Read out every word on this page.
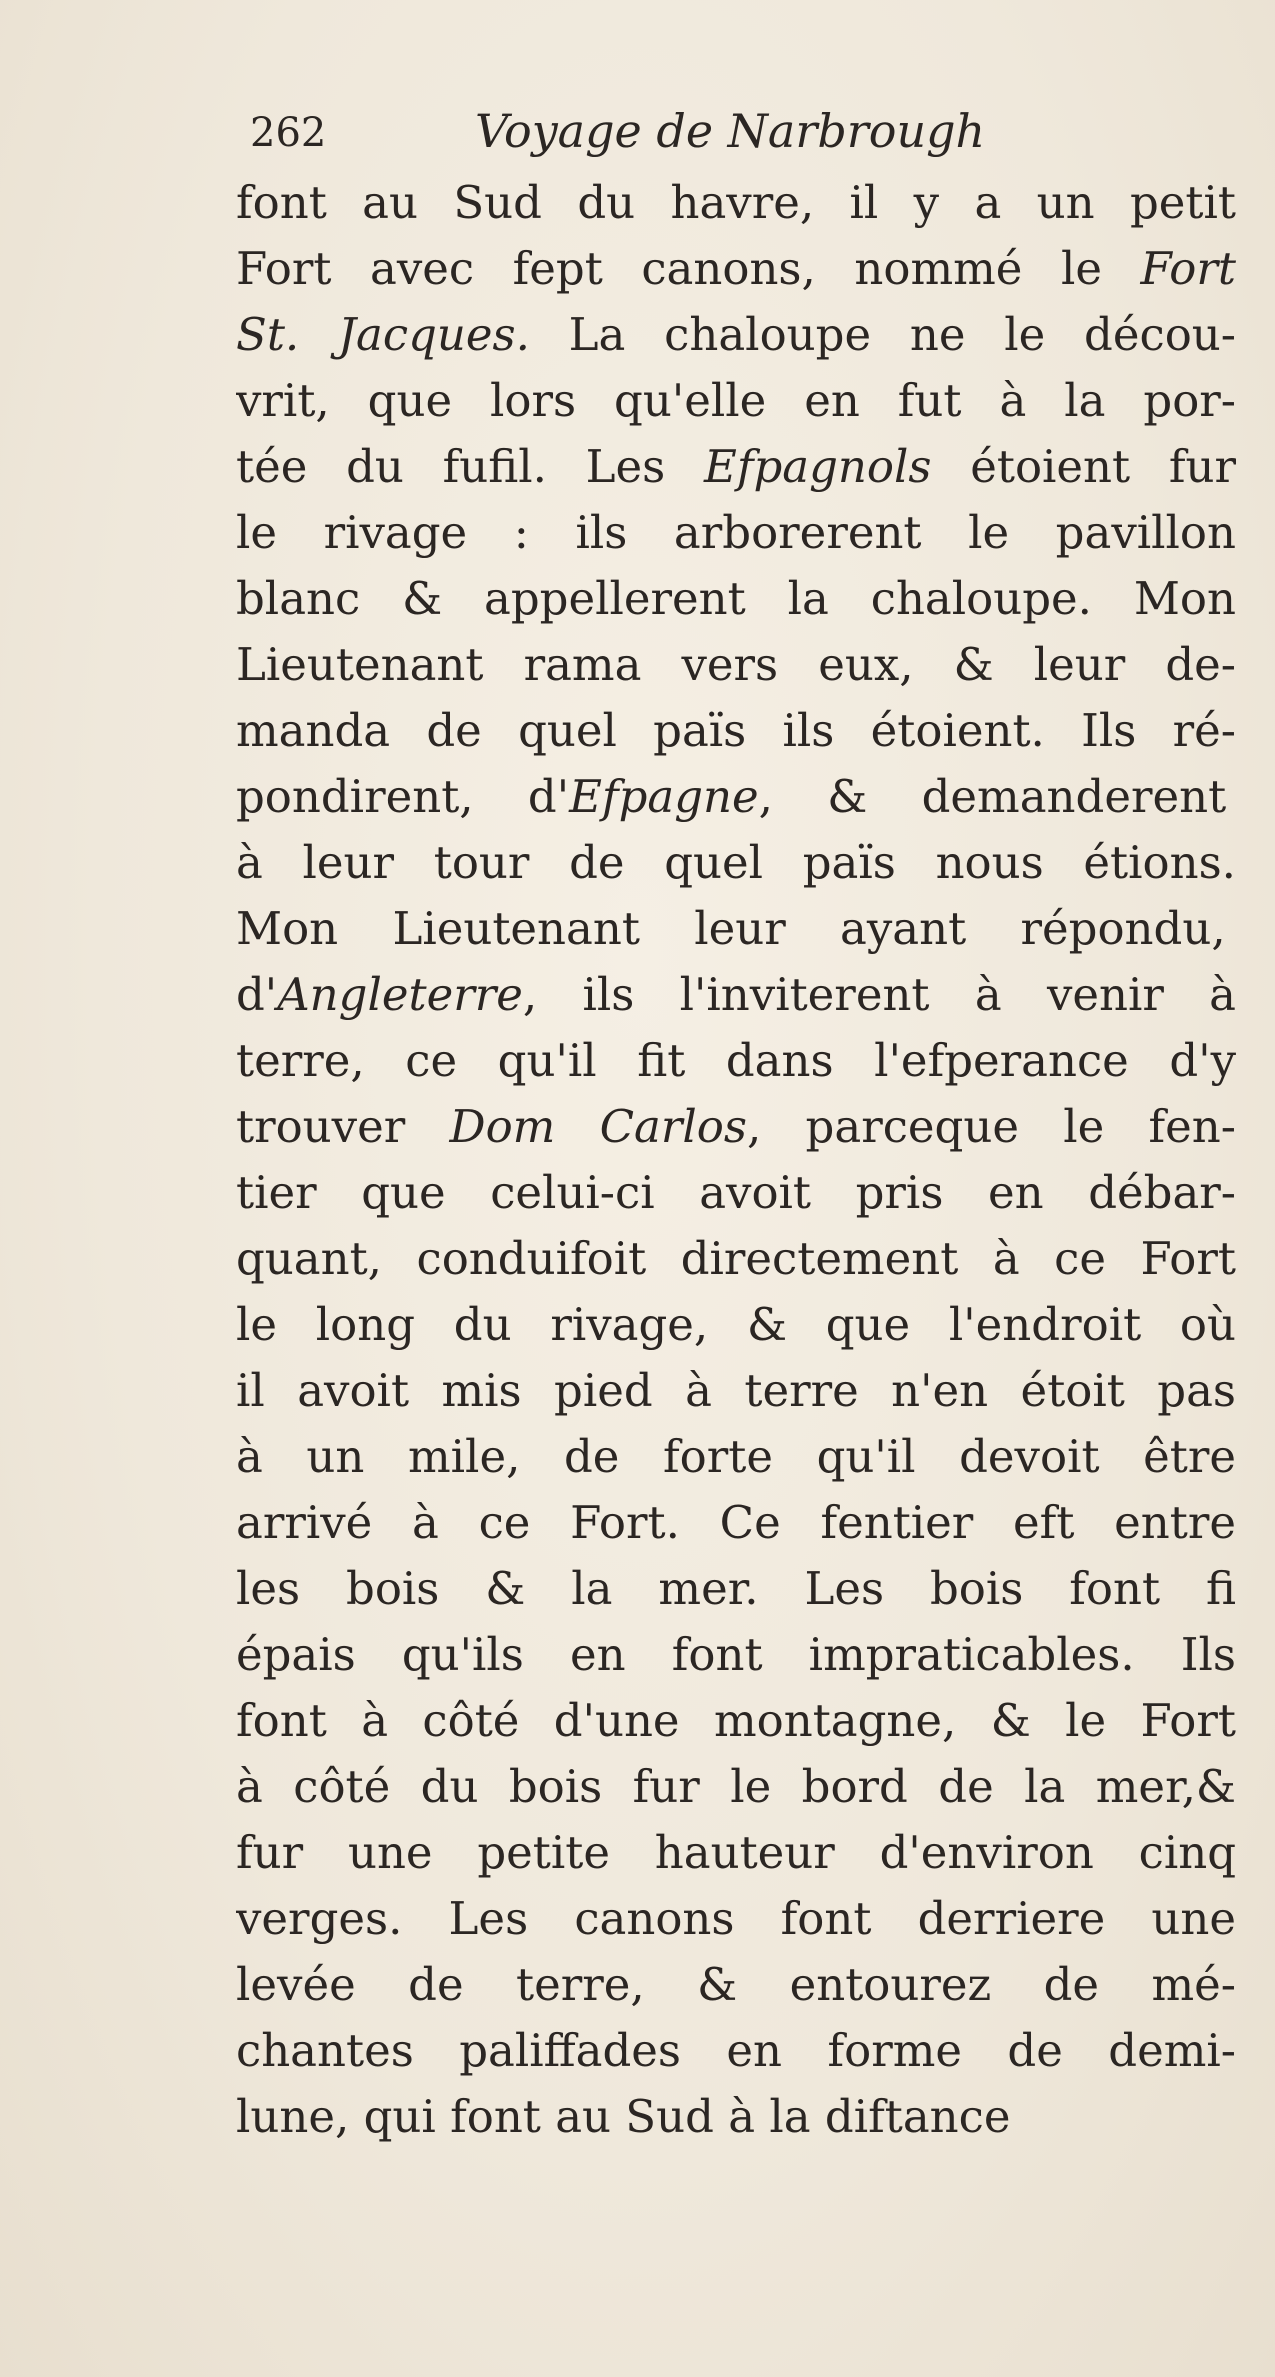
262	Voyage de Narbrough
font au Sud du havre, il y a un petit
Fort avec fept canons, nommé le Fort
St. Jacques. La chaloupe ne le décou-
vrit, que lors qu'elle en fut à la por-
tée du fufil. Les Efpagnols étoient fur
le rivage : ils arborerent le pavillon
blanc & appellerent la chaloupe. Mon
Lieutenant rama vers eux, & leur de-
manda de quel païs ils étoient. Ils ré-
pondirent, d'Efpagne, & demanderent
à leur tour de quel païs nous étions.
Mon Lieutenant leur ayant répondu,
d'Angleterre, ils l'inviterent à venir à
terre, ce qu'il fit dans l'efperance d'y
trouver Dom Carlos, parceque le fen-
tier que celui-ci avoit pris en débar-
quant, conduifoit directement à ce Fort
le long du rivage, & que l'endroit où
il avoit mis pied à terre n'en étoit pas
à un mile, de forte qu'il devoit être
arrivé à ce Fort. Ce fentier eft entre
les bois & la mer. Les bois font fi
épais qu'ils en font impraticables. Ils
font à côté d'une montagne, & le Fort
à côté du bois fur le bord de la mer,&
fur une petite hauteur d'environ cinq
verges. Les canons font derriere une
levée de terre, & entourez de mé-
chantes paliffades en forme de demi-
lune, qui font au Sud à la diftance
